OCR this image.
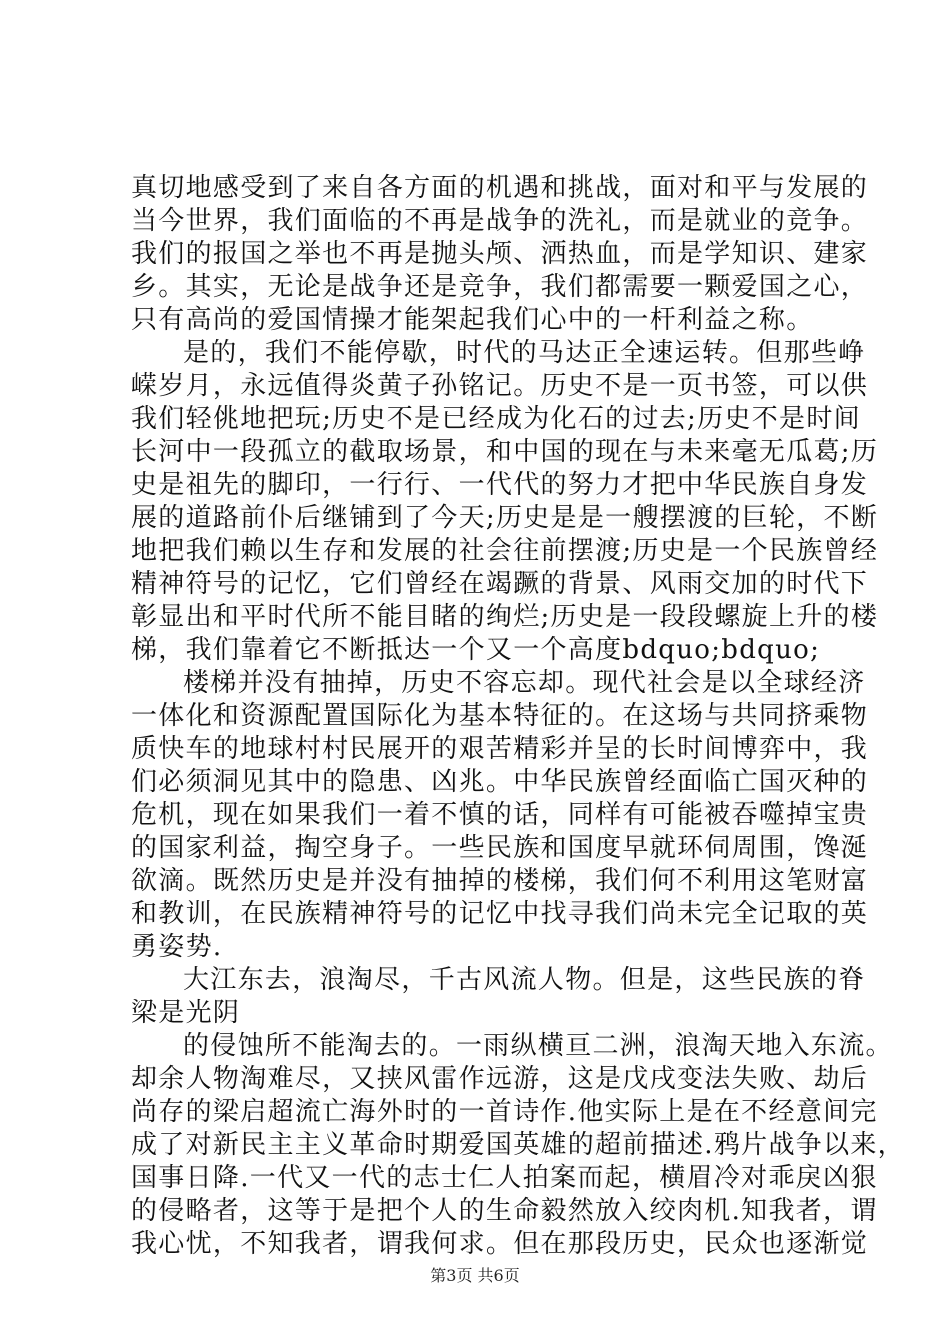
真切地感受到了来自各方面的机遇和挑战，面对和平与发展的
当今世界，我们面临的不再是战争的洗礼，而是就业的竞争。
我们的报国之举也不再是抛头颅、洒热血，而是学知识、建家
乡。其实，无论是战争还是竞争，我们都需要一颗爱国之心，
只有高尚的爱国情操才能架起我们心中的一杆利益之称。
是的，我们不能停歇，时代的马达正全速运转。但那些峥
嵘岁月，永远值得炎黄子孙铭记。历史不是一页书签，可以供
我们轻佻地把玩;历史不是已经成为化石的过去;历史不是时间
长河中一段孤立的截取场景，和中国的现在与未来毫无瓜葛;历
史是祖先的脚印，一行行、一代代的努力才把中华民族自身发
展的道路前仆后继铺到了今天;历史是是一艘摆渡的巨轮，不断
地把我们赖以生存和发展的社会往前摆渡;历史是一个民族曾经
精神符号的记忆，它们曾经在竭蹶的背景、风雨交加的时代下
彰显出和平时代所不能目睹的绚烂;历史是一段段螺旋上升的楼
梯，我们靠着它不断抵达一个又一个高度bdquo;bdquo;
楼梯并没有抽掉，历史不容忘却。现代社会是以全球经济
一体化和资源配置国际化为基本特征的。在这场与共同挤乘物
质快车的地球村村民展开的艰苦精彩并呈的长时间博弈中，我
们必须洞见其中的隐患、凶兆。中华民族曾经面临亡国灭种的
危机，现在如果我们一着不慎的话，同样有可能被吞噬掉宝贵
的国家利益，掏空身子。一些民族和国度早就环伺周围，馋涎
欲滴。既然历史是并没有抽掉的楼梯，我们何不利用这笔财富
和教训，在民族精神符号的记忆中找寻我们尚未完全记取的英
勇姿势.
大江东去，浪淘尽，千古风流人物。但是，这些民族的脊
梁是光阴
的侵蚀所不能淘去的。一雨纵横亘二洲，浪淘天地入东流。
却余人物淘难尽，又挟风雷作远游，这是戊戌变法失败、劫后
尚存的梁启超流亡海外时的一首诗作.他实际上是在不经意间完
成了对新民主主义革命时期爱国英雄的超前描述.鸦片战争以来，
国事日降.一代又一代的志士仁人拍案而起，横眉冷对乖戾凶狠
的侵略者，这等于是把个人的生命毅然放入绞肉机.知我者，谓
我心忧，不知我者，谓我何求。但在那段历史，民众也逐渐觉
第3页 共6页
